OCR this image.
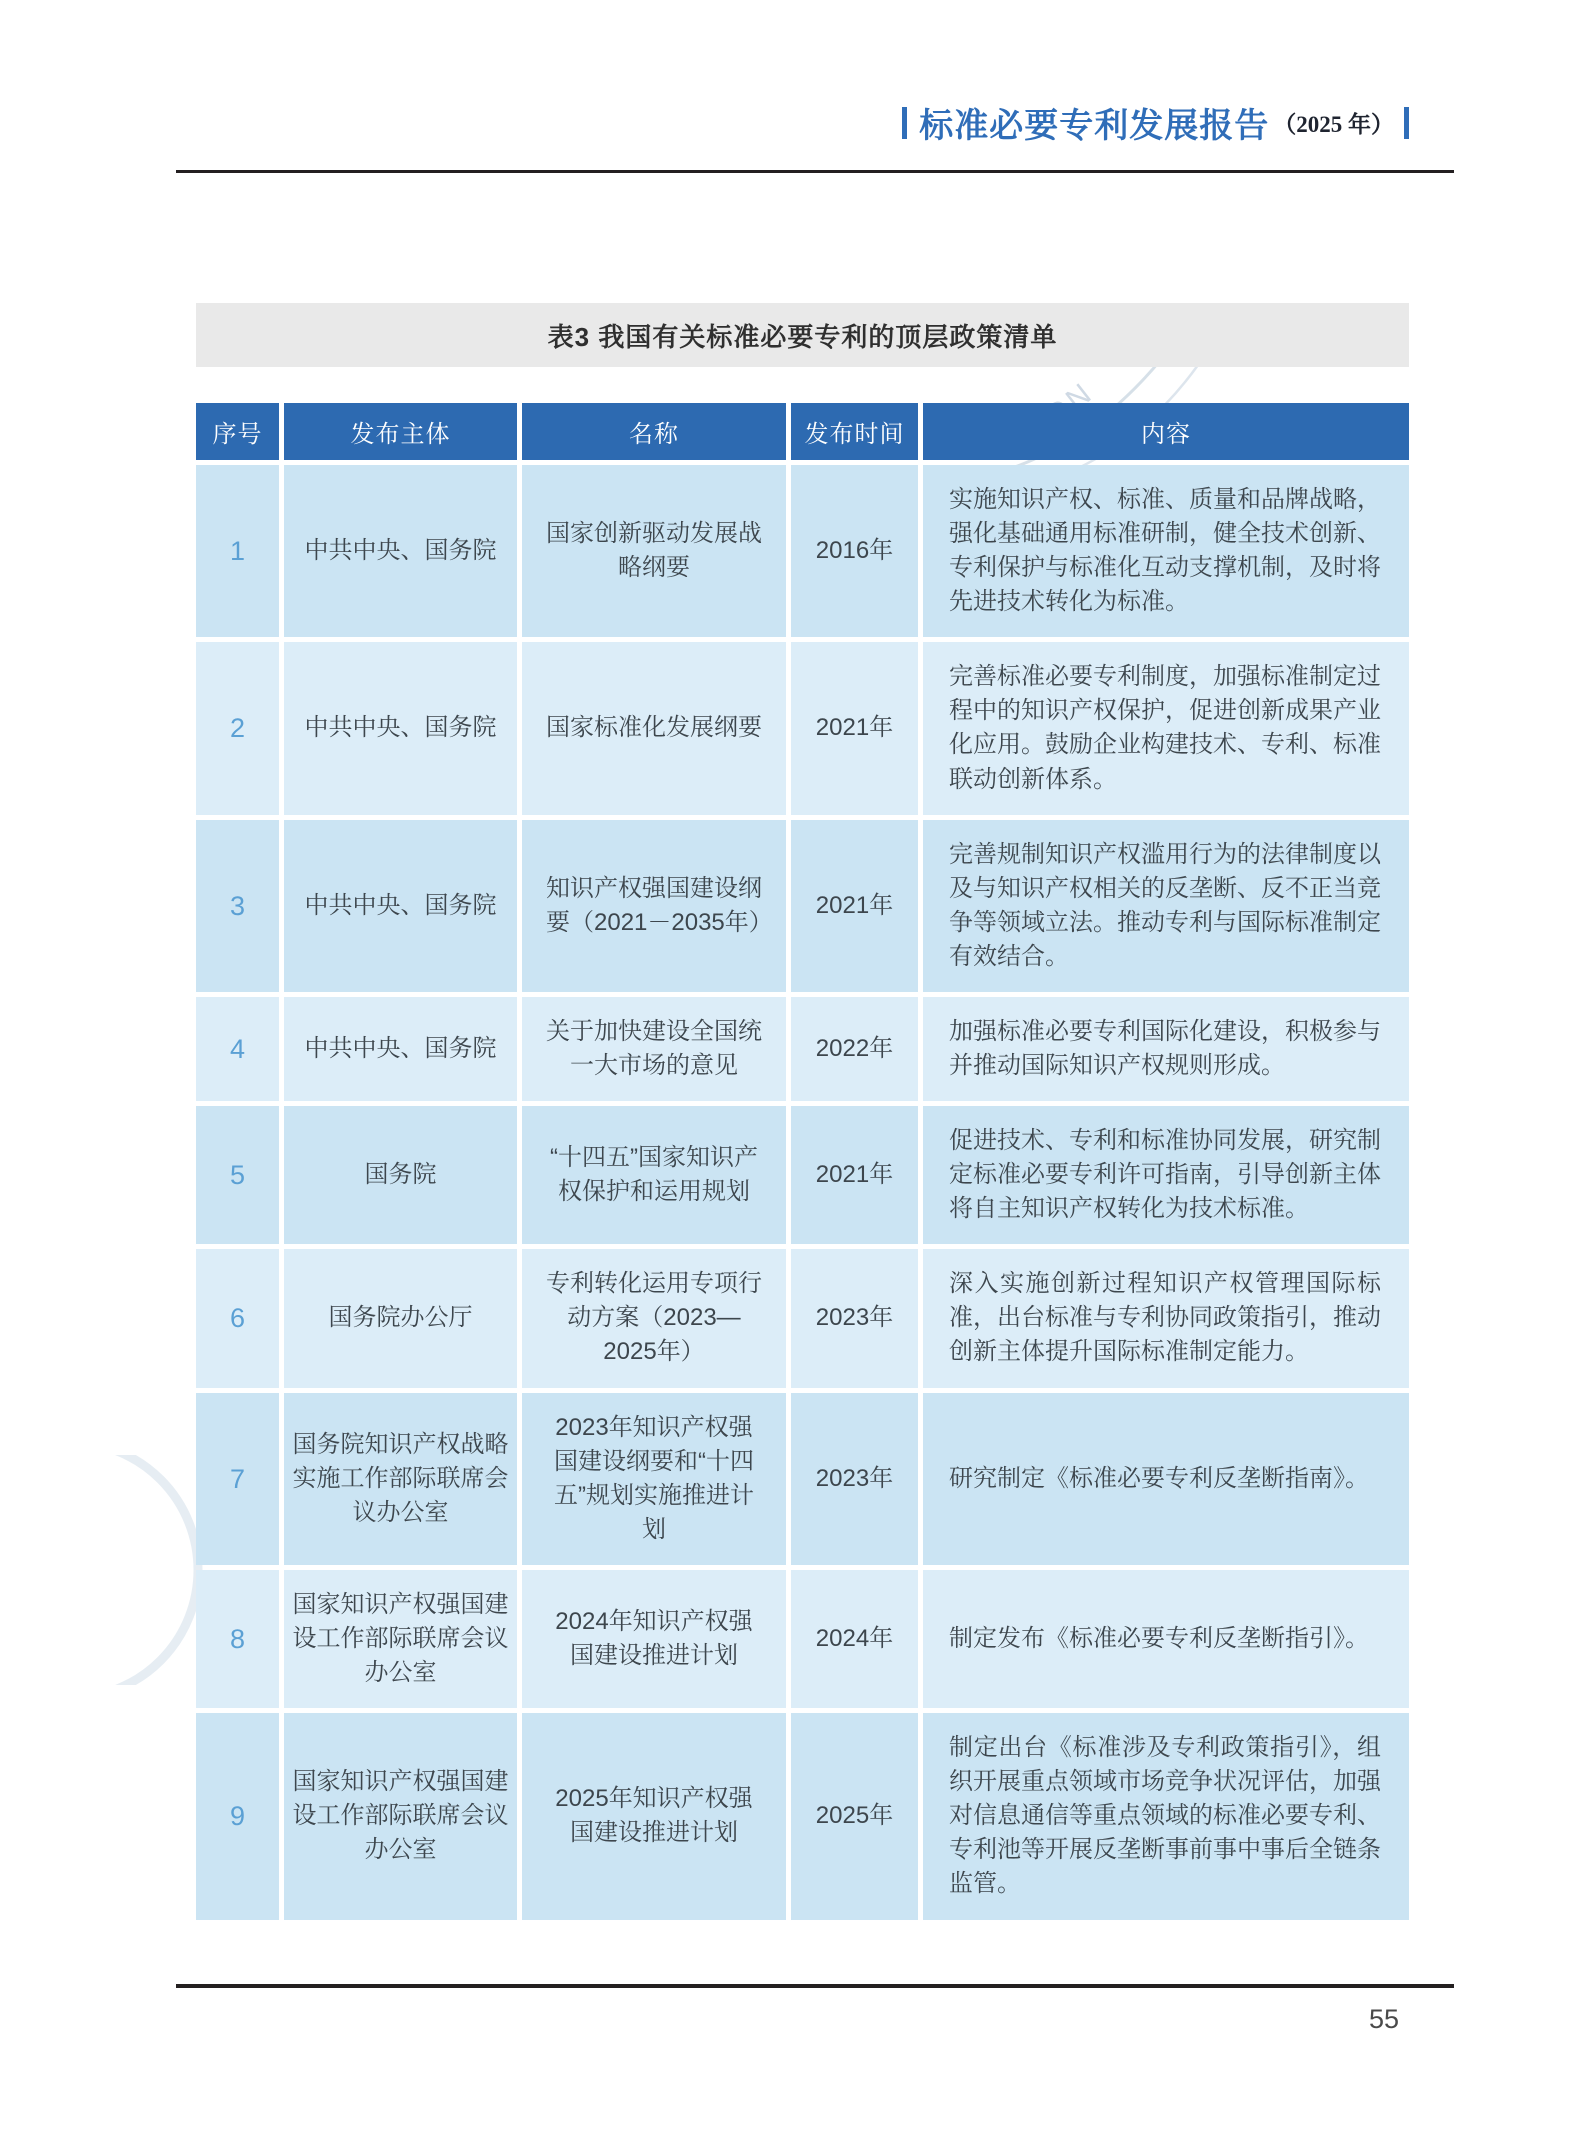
标准必要专利发展报告 （2025 年）
表3 我国有关标准必要专利的顶层政策清单
序号	发布主体	名称	发布时间	内容
1	中共中央、国务院	国家创新驱动发展战略纲要	2016年	实施知识产权、标准、质量和品牌战略，强化基础通用标准研制，健全技术创新、专利保护与标准化互动支撑机制，及时将先进技术转化为标准。
2	中共中央、国务院	国家标准化发展纲要	2021年	完善标准必要专利制度，加强标准制定过程中的知识产权保护，促进创新成果产业化应用。鼓励企业构建技术、专利、标准联动创新体系。
3	中共中央、国务院	知识产权强国建设纲要（2021－2035年）	2021年	完善规制知识产权滥用行为的法律制度以及与知识产权相关的反垄断、反不正当竞争等领域立法。推动专利与国际标准制定有效结合。
4	中共中央、国务院	关于加快建设全国统一大市场的意见	2022年	加强标准必要专利国际化建设，积极参与并推动国际知识产权规则形成。
5	国务院	“十四五”国家知识产权保护和运用规划	2021年	促进技术、专利和标准协同发展，研究制定标准必要专利许可指南，引导创新主体将自主知识产权转化为技术标准。
6	国务院办公厅	专利转化运用专项行动方案（2023—2025年）	2023年	深入实施创新过程知识产权管理国际标准，出台标准与专利协同政策指引，推动创新主体提升国际标准制定能力。
7	国务院知识产权战略实施工作部际联席会议办公室	2023年知识产权强国建设纲要和“十四五”规划实施推进计划	2023年	研究制定《标准必要专利反垄断指南》。
8	国家知识产权强国建设工作部际联席会议办公室	2024年知识产权强国建设推进计划	2024年	制定发布《标准必要专利反垄断指引》。
9	国家知识产权强国建设工作部际联席会议办公室	2025年知识产权强国建设推进计划	2025年	制定出台《标准涉及专利政策指引》，组织开展重点领域市场竞争状况评估，加强对信息通信等重点领域的标准必要专利、专利池等开展反垄断事前事中事后全链条监管。
55
